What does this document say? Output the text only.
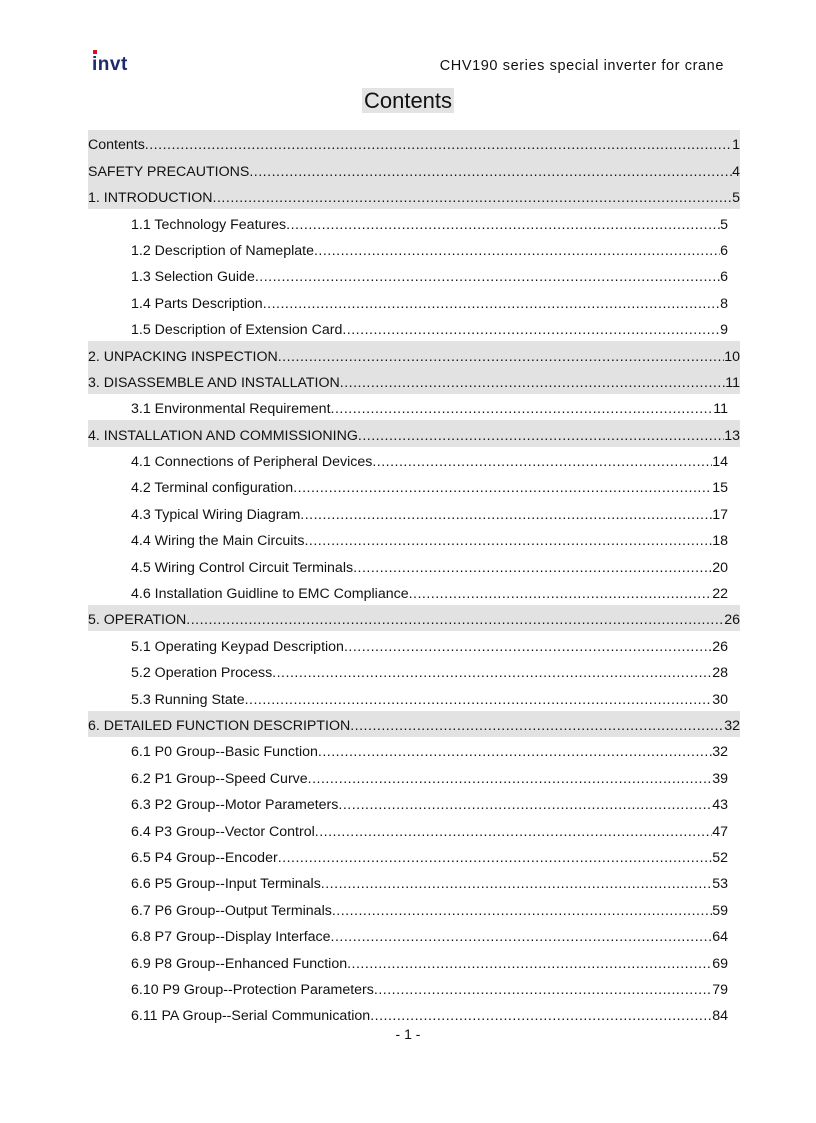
invt	CHV190 series special inverter for crane
Contents
Contents .....	1
SAFETY PRECAUTIONS .....	4
1. INTRODUCTION .....	5
1.1 Technology Features .....	5
1.2 Description of Nameplate .....	6
1.3 Selection Guide .....	6
1.4 Parts Description .....	8
1.5 Description of Extension Card .....	9
2. UNPACKING INSPECTION .....	10
3. DISASSEMBLE AND INSTALLATION .....	11
3.1 Environmental Requirement .....	11
4. INSTALLATION AND COMMISSIONING .....	13
4.1 Connections of Peripheral Devices .....	14
4.2 Terminal configuration .....	15
4.3 Typical Wiring Diagram .....	17
4.4 Wiring the Main Circuits .....	18
4.5 Wiring Control Circuit Terminals .....	20
4.6 Installation Guidline to EMC Compliance .....	22
5. OPERATION .....	26
5.1 Operating Keypad Description .....	26
5.2 Operation Process .....	28
5.3 Running State .....	30
6. DETAILED FUNCTION DESCRIPTION .....	32
6.1 P0 Group--Basic Function .....	32
6.2 P1 Group--Speed Curve .....	39
6.3 P2 Group--Motor Parameters .....	43
6.4 P3 Group--Vector Control .....	47
6.5 P4 Group--Encoder .....	52
6.6 P5 Group--Input Terminals .....	53
6.7 P6 Group--Output Terminals .....	59
6.8 P7 Group--Display Interface .....	64
6.9 P8 Group--Enhanced Function .....	69
6.10 P9 Group--Protection Parameters .....	79
6.11 PA Group--Serial Communication .....	84
- 1 -
